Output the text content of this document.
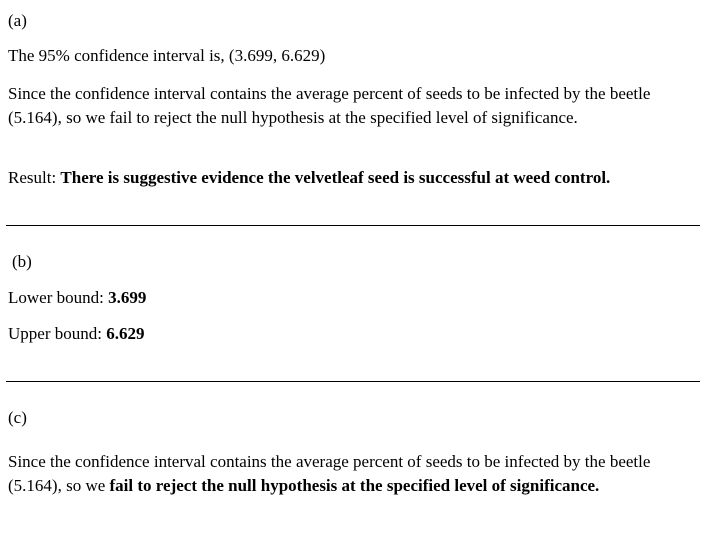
(a)

The 95% confidence interval is, (3.699, 6.629)

Since the confidence interval contains the average percent of seeds to be infected by the beetle (5.164), so we fail to reject the null hypothesis at the specified level of significance.

Result: There is suggestive evidence the velvetleaf seed is successful at weed control.

(b)

Lower bound: 3.699

Upper bound: 6.629

(c)

Since the confidence interval contains the average percent of seeds to be infected by the beetle (5.164), so we fail to reject the null hypothesis at the specified level of significance.
